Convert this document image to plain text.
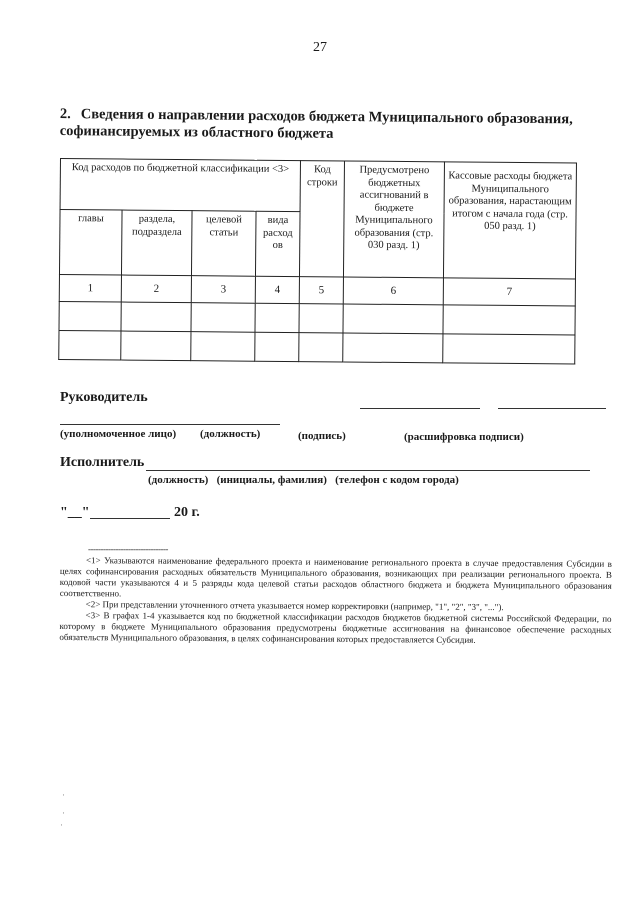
27
2. Сведения о направлении расходов бюджета Муниципального образования, софинансируемых из областного бюджета
Код расходов по бюджетной классификации <3>				Код строки	Предусмотрено бюджетных ассигнований в бюджете Муниципального образования (стр. 030 разд. 1)	Кассовые расходы бюджета Муниципального образования, нарастающим итогом с начала года (стр. 050 разд. 1)
главы	раздела, подраздела	целевой статьи	вида расход ов			
1	2	3	4	5	6	7

Руководитель
(уполномоченное лицо) (должность)	(подпись)	(расшифровка подписи)
Исполнитель
(должность)   (инициалы, фамилия)   (телефон с кодом города)
"__"	20 г.
--------------------------------

<1> Указываются наименование федерального проекта и наименование регионального проекта в случае предоставления Субсидии в целях софинансирования расходных обязательств Муниципального образования, возникающих при реализации регионального проекта. В кодовой части указываются 4 и 5 разряды кода целевой статьи расходов областного бюджета и бюджета Муниципального образования соответственно.

<2> При представлении уточненного отчета указывается номер корректировки (например, "1", "2", "3", "...").

<3> В графах 1-4 указывается код по бюджетной классификации расходов бюджетов бюджетной системы Российской Федерации, по которому в бюджете Муниципального образования предусмотрены бюджетные ассигнования на финансовое обеспечение расходных обязательств Муниципального образования, в целях софинансирования которых предоставляется Субсидия.

·
·
·
